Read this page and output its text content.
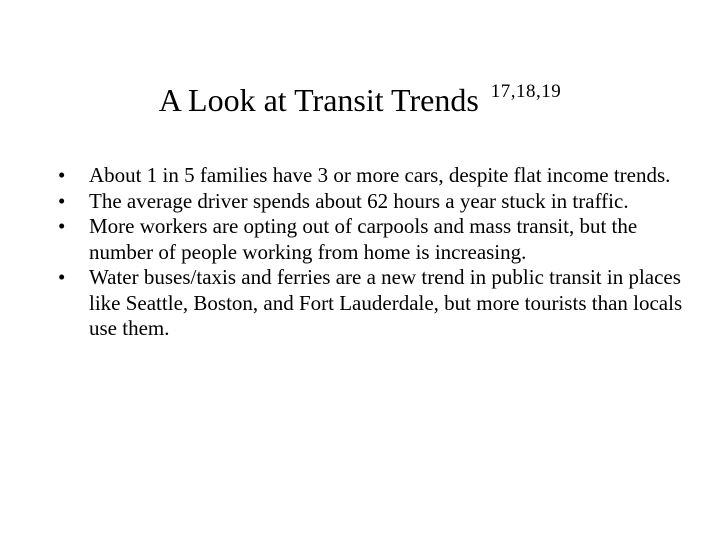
A Look at Transit Trends $^{17,18,19}$
• About 1 in 5 families have 3 or more cars, despite flat income trends.
• The average driver spends about 62 hours a year stuck in traffic.
• More workers are opting out of carpools and mass transit, but the number of people working from home is increasing.
• Water buses/taxis and ferries are a new trend in public transit in places like Seattle, Boston, and Fort Lauderdale, but more tourists than locals use them.
